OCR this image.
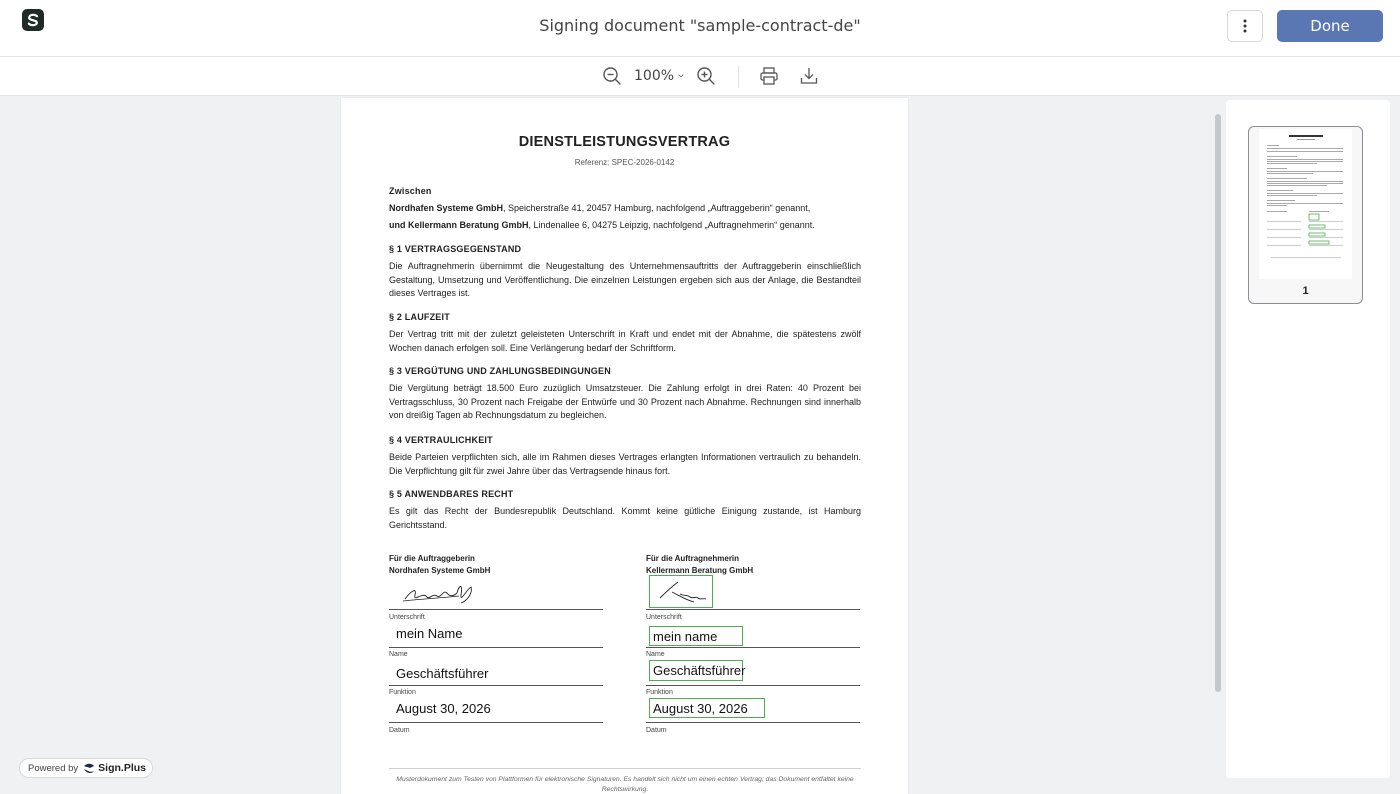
Signing document "sample-contract-de"	Done
100%
DIENSTLEISTUNGSVERTRAG
Referenz: SPEC-2026-0142
Zwischen
Nordhafen Systeme GmbH, Speicherstraße 41, 20457 Hamburg, nachfolgend „Auftraggeberin“ genannt,
und Kellermann Beratung GmbH, Lindenallee 6, 04275 Leipzig, nachfolgend „Auftragnehmerin“ genannt.
§ 1 VERTRAGSGEGENSTAND
Die Auftragnehmerin übernimmt die Neugestaltung des Unternehmensauftritts der Auftraggeberin einschließlich Gestaltung, Umsetzung und Veröffentlichung. Die einzelnen Leistungen ergeben sich aus der Anlage, die Bestandteil dieses Vertrages ist.
§ 2 LAUFZEIT
Der Vertrag tritt mit der zuletzt geleisteten Unterschrift in Kraft und endet mit der Abnahme, die spätestens zwölf Wochen danach erfolgen soll. Eine Verlängerung bedarf der Schriftform.
§ 3 VERGÜTUNG UND ZAHLUNGSBEDINGUNGEN
Die Vergütung beträgt 18.500 Euro zuzüglich Umsatzsteuer. Die Zahlung erfolgt in drei Raten: 40 Prozent bei Vertragsschluss, 30 Prozent nach Freigabe der Entwürfe und 30 Prozent nach Abnahme. Rechnungen sind innerhalb von dreißig Tagen ab Rechnungsdatum zu begleichen.
§ 4 VERTRAULICHKEIT
Beide Parteien verpflichten sich, alle im Rahmen dieses Vertrages erlangten Informationen vertraulich zu behandeln. Die Verpflichtung gilt für zwei Jahre über das Vertragsende hinaus fort.
§ 5 ANWENDBARES RECHT
Es gilt das Recht der Bundesrepublik Deutschland. Kommt keine gütliche Einigung zustande, ist Hamburg Gerichtsstand.
Für die Auftraggeberin
Nordhafen Systeme GmbH
Unterschrift
mein Name
Name
Geschäftsführer
Funktion
August 30, 2026
Datum
Für die Auftragnehmerin
Kellermann Beratung GmbH
Unterschrift
mein name
Name
Geschäftsführer
Funktion
August 30, 2026
Datum
Musterdokument zum Testen von Plattformen für elektronische Signaturen. Es handelt sich nicht um einen echten Vertrag; das Dokument entfaltet keine Rechtswirkung.
1
Powered by Sign.Plus
